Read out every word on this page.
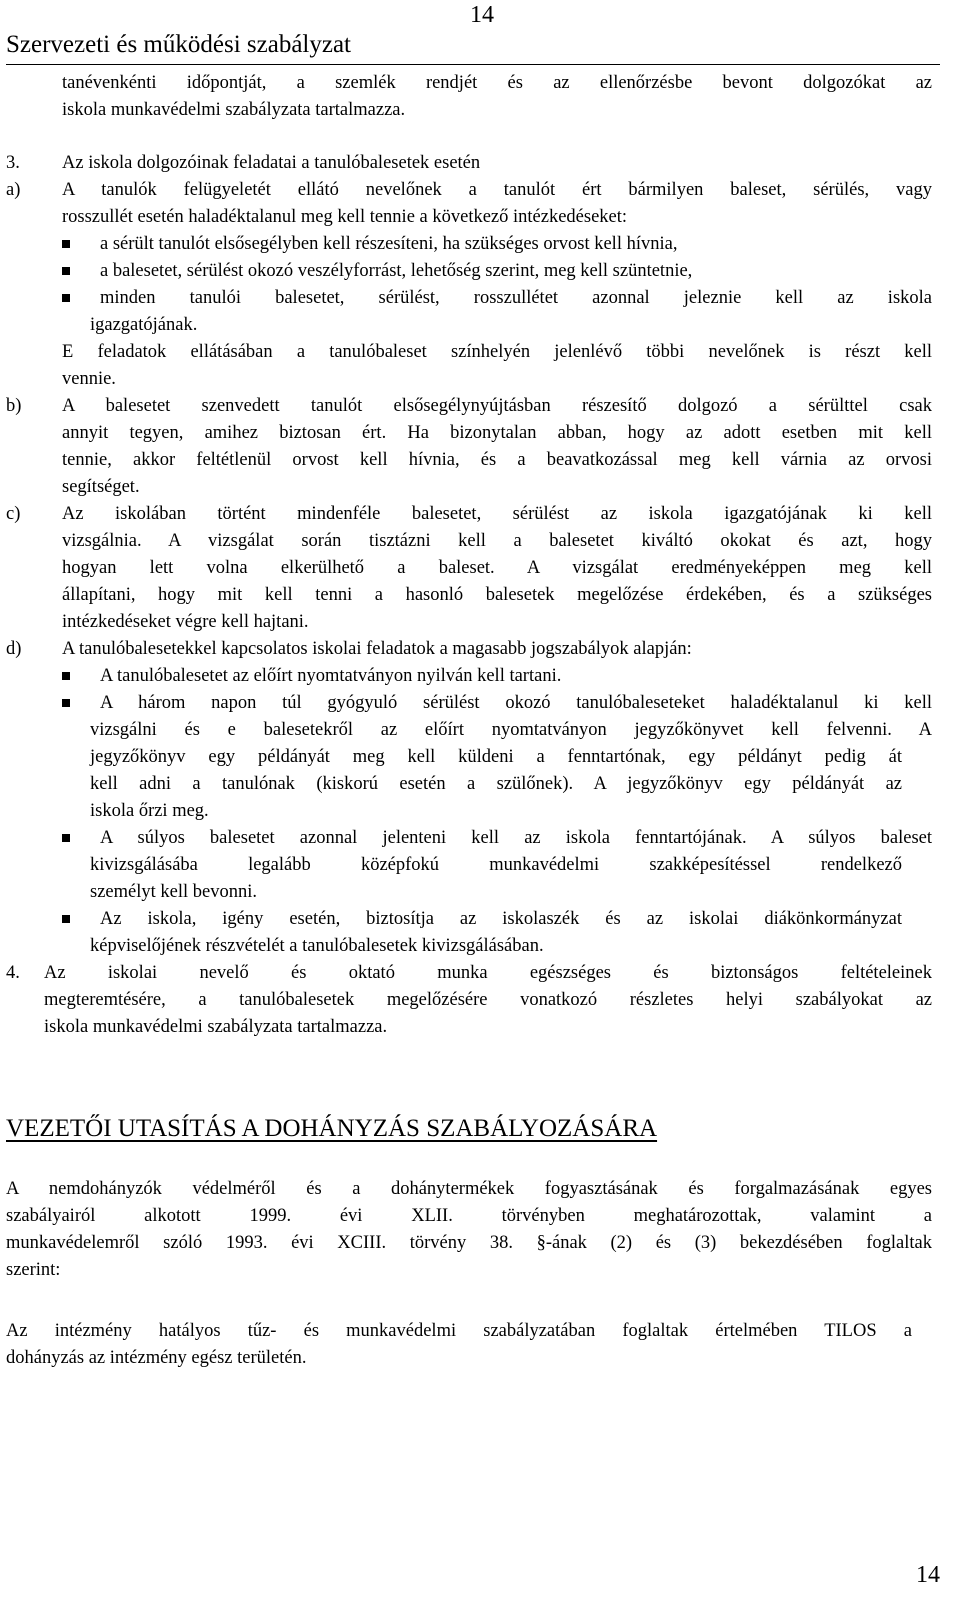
Szervezeti és működési szabályzat
14
tanévenkénti időpontját, a szemlék rendjét és az ellenőrzésbe bevont dolgozókat az
iskola munkavédelmi szabályzata tartalmazza.
3. Az iskola dolgozóinak feladatai a tanulóbalesetek esetén
a) A tanulók felügyeletét ellátó nevelőnek a tanulót ért bármilyen baleset, sérülés, vagy
rosszullét esetén haladéktalanul meg kell tennie a következő intézkedéseket:
a sérült tanulót elsősegélyben kell részesíteni, ha szükséges orvost kell hívnia,
a balesetet, sérülést okozó veszélyforrást, lehetőség szerint, meg kell szüntetnie,
minden tanulói balesetet, sérülést, rosszullétet azonnal jeleznie kell az iskola
igazgatójának.
E feladatok ellátásában a tanulóbaleset színhelyén jelenlévő többi nevelőnek is részt kell
vennie.
b) A balesetet szenvedett tanulót elsősegélynyújtásban részesítő dolgozó a sérülttel csak
annyit tegyen, amihez biztosan ért. Ha bizonytalan abban, hogy az adott esetben mit kell
tennie, akkor feltétlenül orvost kell hívnia, és a beavatkozással meg kell várnia az orvosi
segítséget.
c) Az iskolában történt mindenféle balesetet, sérülést az iskola igazgatójának ki kell
vizsgálnia. A vizsgálat során tisztázni kell a balesetet kiváltó okokat és azt, hogy
hogyan lett volna elkerülhető a baleset. A vizsgálat eredményeképpen meg kell
állapítani, hogy mit kell tenni a hasonló balesetek megelőzése érdekében, és a szükséges
intézkedéseket végre kell hajtani.
d) A tanulóbalesetekkel kapcsolatos iskolai feladatok a magasabb jogszabályok alapján:
A tanulóbalesetet az előírt nyomtatványon nyilván kell tartani.
A három napon túl gyógyuló sérülést okozó tanulóbaleseteket haladéktalanul ki kell
vizsgálni és e balesetekről az előírt nyomtatványon jegyzőkönyvet kell felvenni. A
jegyzőkönyv egy példányát meg kell küldeni a fenntartónak, egy példányt pedig át
kell adni a tanulónak (kiskorú esetén a szülőnek). A jegyzőkönyv egy példányát az
iskola őrzi meg.
A súlyos balesetet azonnal jelenteni kell az iskola fenntartójának. A súlyos baleset
kivizsgálásába legalább középfokú munkavédelmi szakképesítéssel rendelkező
személyt kell bevonni.
Az iskola, igény esetén, biztosítja az iskolaszék és az iskolai diákönkormányzat
képviselőjének részvételét a tanulóbalesetek kivizsgálásában.
4. Az iskolai nevelő és oktató munka egészséges és biztonságos feltételeinek
megteremtésére, a tanulóbalesetek megelőzésére vonatkozó részletes helyi szabályokat az
iskola munkavédelmi szabályzata tartalmazza.
A nemdohányzók védelméről és a dohánytermékek fogyasztásának és forgalmazásának egyes
szabályairól alkotott 1999. évi XLII. törvényben meghatározottak, valamint a
munkavédelemről szóló 1993. évi XCIII. törvény 38. §-ának (2) és (3) bekezdésében foglaltak
szerint:
Az intézmény hatályos tűz- és munkavédelmi szabályzatában foglaltak értelmében TILOS a
dohányzás az intézmény egész területén.
VEZETŐI UTASÍTÁS A DOHÁNYZÁS SZABÁLYOZÁSÁRA
14
